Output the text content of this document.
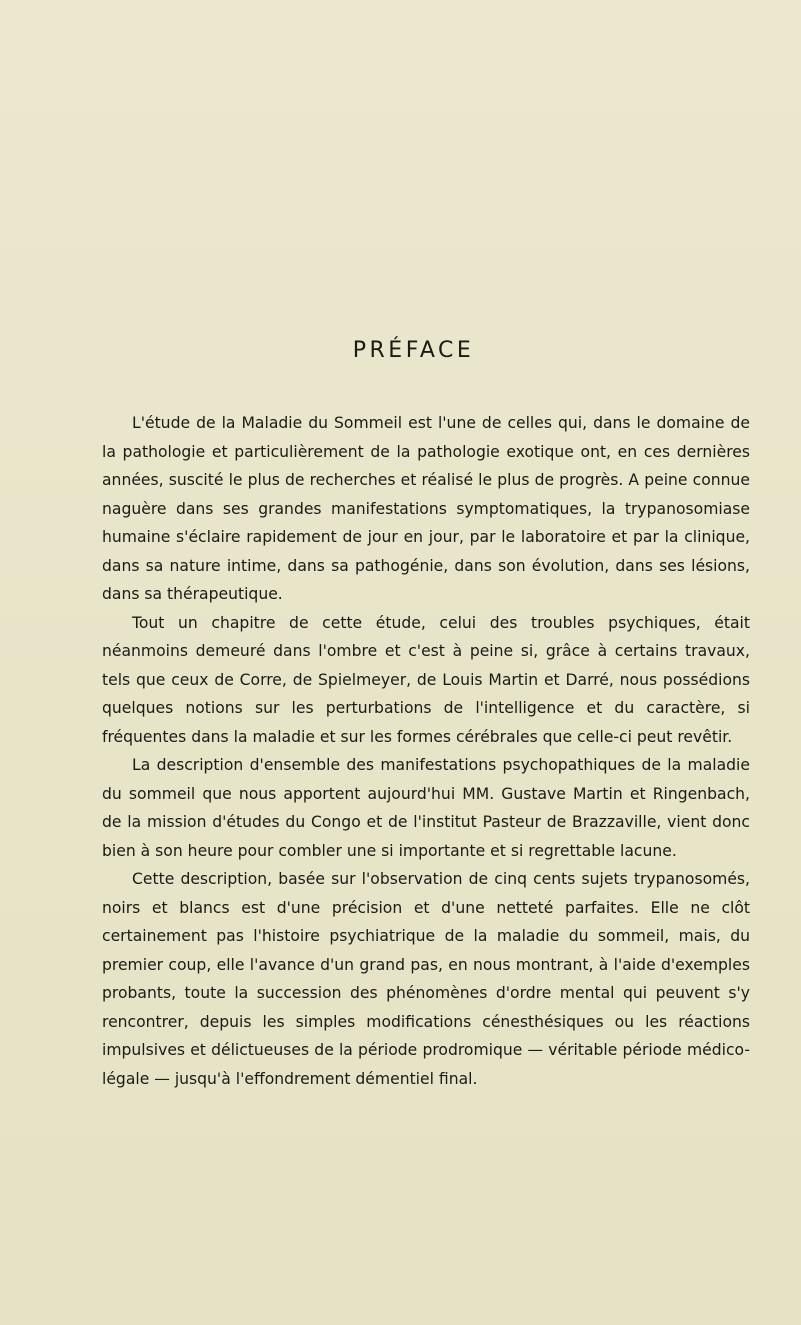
PRÉFACE

L'étude de la Maladie du Sommeil est l'une de celles qui, dans le domaine de la pathologie et particulièrement de la pathologie exotique ont, en ces dernières années, suscité le plus de recherches et réalisé le plus de progrès. A peine connue naguère dans ses grandes manifestations symptomatiques, la trypanosomiase humaine s'éclaire rapidement de jour en jour, par le laboratoire et par la clinique, dans sa nature intime, dans sa pathogénie, dans son évolution, dans ses lésions, dans sa thérapeutique.

Tout un chapitre de cette étude, celui des troubles psychiques, était néanmoins demeuré dans l'ombre et c'est à peine si, grâce à certains travaux, tels que ceux de Corre, de Spielmeyer, de Louis Martin et Darré, nous possédions quelques notions sur les perturbations de l'intelligence et du caractère, si fréquentes dans la maladie et sur les formes cérébrales que celle-ci peut revêtir.

La description d'ensemble des manifestations psychopathiques de la maladie du sommeil que nous apportent aujourd'hui MM. Gustave Martin et Ringenbach, de la mission d'études du Congo et de l'institut Pasteur de Brazzaville, vient donc bien à son heure pour combler une si importante et si regrettable lacune.

Cette description, basée sur l'observation de cinq cents sujets trypanosomés, noirs et blancs est d'une précision et d'une netteté parfaites. Elle ne clôt certainement pas l'histoire psychiatrique de la maladie du sommeil, mais, du premier coup, elle l'avance d'un grand pas, en nous montrant, à l'aide d'exemples probants, toute la succession des phénomènes d'ordre mental qui peuvent s'y rencontrer, depuis les simples modifications cénesthésiques ou les réactions impulsives et délictueuses de la période prodromique — véritable période médico-légale — jusqu'à l'effondrement démentiel final.
